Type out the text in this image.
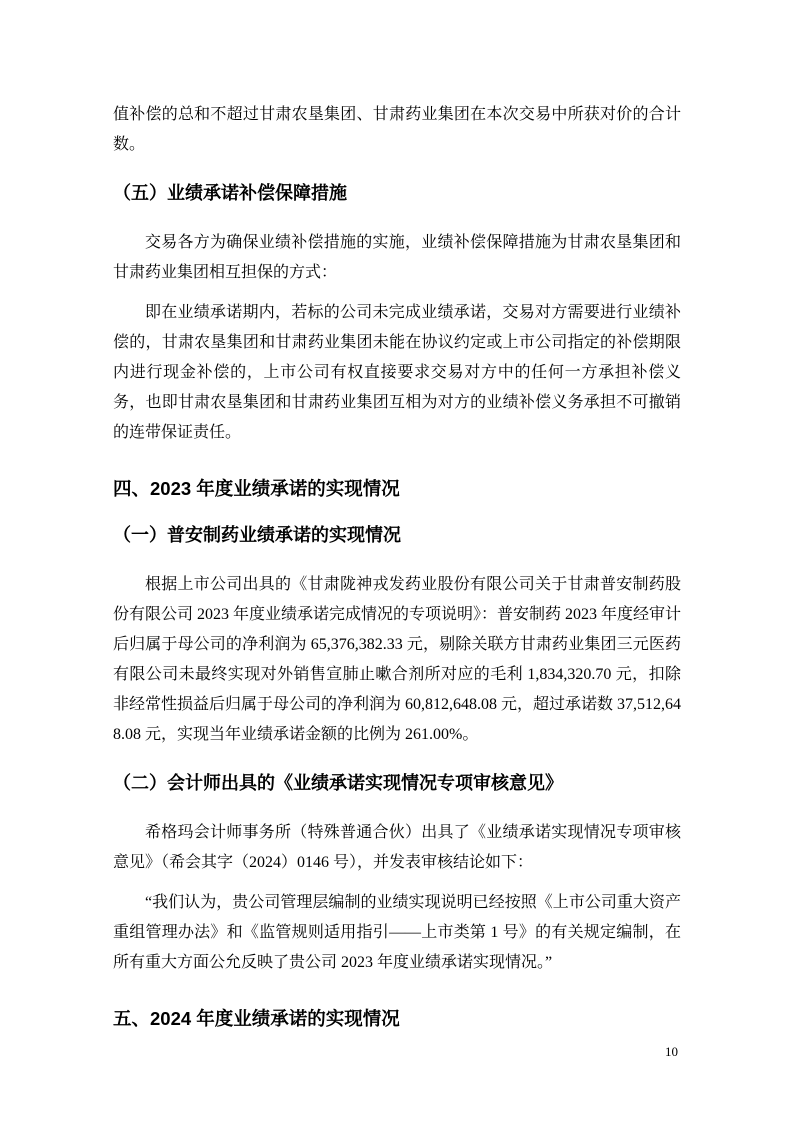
值补偿的总和不超过甘肃农垦集团、甘肃药业集团在本次交易中所获对价的合计数。

（五）业绩承诺补偿保障措施

交易各方为确保业绩补偿措施的实施，业绩补偿保障措施为甘肃农垦集团和甘肃药业集团相互担保的方式：

即在业绩承诺期内，若标的公司未完成业绩承诺，交易对方需要进行业绩补偿的，甘肃农垦集团和甘肃药业集团未能在协议约定或上市公司指定的补偿期限内进行现金补偿的，上市公司有权直接要求交易对方中的任何一方承担补偿义务，也即甘肃农垦集团和甘肃药业集团互相为对方的业绩补偿义务承担不可撤销的连带保证责任。

四、2023 年度业绩承诺的实现情况
（一）普安制药业绩承诺的实现情况

根据上市公司出具的《甘肃陇神戎发药业股份有限公司关于甘肃普安制药股份有限公司 2023 年度业绩承诺完成情况的专项说明》：普安制药 2023 年度经审计后归属于母公司的净利润为 65,376,382.33 元，剔除关联方甘肃药业集团三元医药有限公司未最终实现对外销售宣肺止嗽合剂所对应的毛利 1,834,320.70 元，扣除非经常性损益后归属于母公司的净利润为 60,812,648.08 元，超过承诺数 37,512,648.08 元，实现当年业绩承诺金额的比例为 261.00%。

（二）会计师出具的《业绩承诺实现情况专项审核意见》

希格玛会计师事务所（特殊普通合伙）出具了《业绩承诺实现情况专项审核意见》（希会其字（2024）0146 号），并发表审核结论如下：

“我们认为，贵公司管理层编制的业绩实现说明已经按照《上市公司重大资产重组管理办法》和《监管规则适用指引——上市类第 1 号》的有关规定编制，在所有重大方面公允反映了贵公司 2023 年度业绩承诺实现情况。”

五、2024 年度业绩承诺的实现情况
10
